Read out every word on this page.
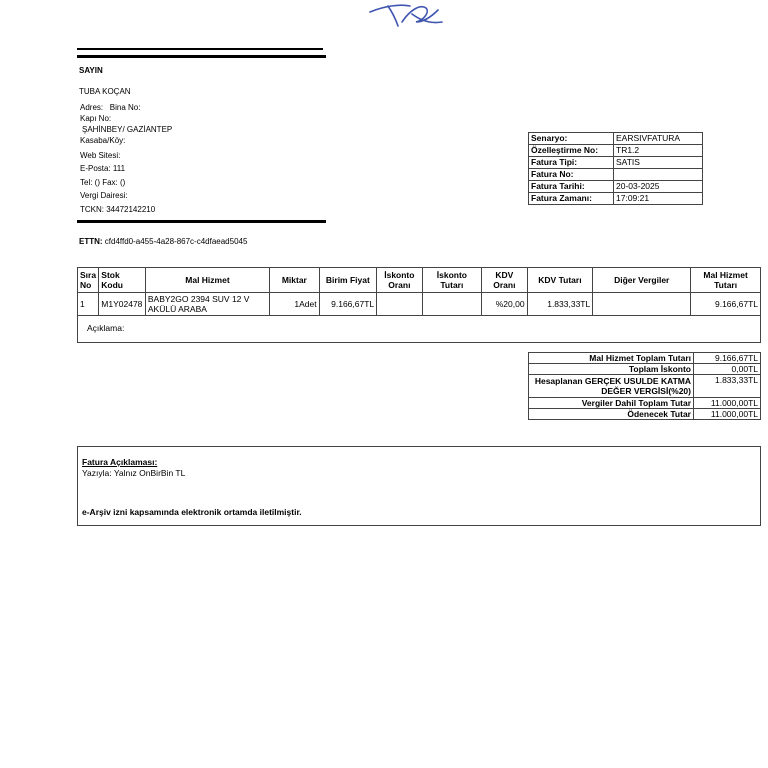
SAYIN
TUBA KOÇAN
Adres:   Bina No:
Kapı No:
ŞAHİNBEY/ GAZİANTEP
Kasaba/Köy:
Web Sitesi:
E-Posta: 111
Tel: () Fax: ()
Vergi Dairesi:
TCKN: 34472142210
ETTN: cfd4ffd0-a455-4a28-867c-c4dfaead5045
Senaryo:	EARSIVFATURA
Özelleştirme No:	TR1.2
Fatura Tipi:	SATIS
Fatura No:	
Fatura Tarihi:	20-03-2025
Fatura Zamanı:	17:09:21
Sıra No	Stok Kodu	Mal Hizmet	Miktar	Birim Fiyat	İskonto Oranı	İskonto Tutarı	KDV Oranı	KDV Tutarı	Diğer Vergiler	Mal Hizmet Tutarı
1	M1Y02478	BABY2GO 2394 SUV 12 V AKÜLÜ ARABA	1Adet	9.166,67TL			%20,00	1.833,33TL		9.166,67TL
Açıklama:
Mal Hizmet Toplam Tutarı	9.166,67TL
Toplam İskonto	0,00TL
Hesaplanan GERÇEK USULDE KATMA DEĞER VERGİSİ(%20)	1.833,33TL
Vergiler Dahil Toplam Tutar	11.000,00TL
Ödenecek Tutar	11.000,00TL
Fatura Açıklaması:
Yazıyla: Yalnız OnBirBin TL
e-Arşiv izni kapsamında elektronik ortamda iletilmiştir.
